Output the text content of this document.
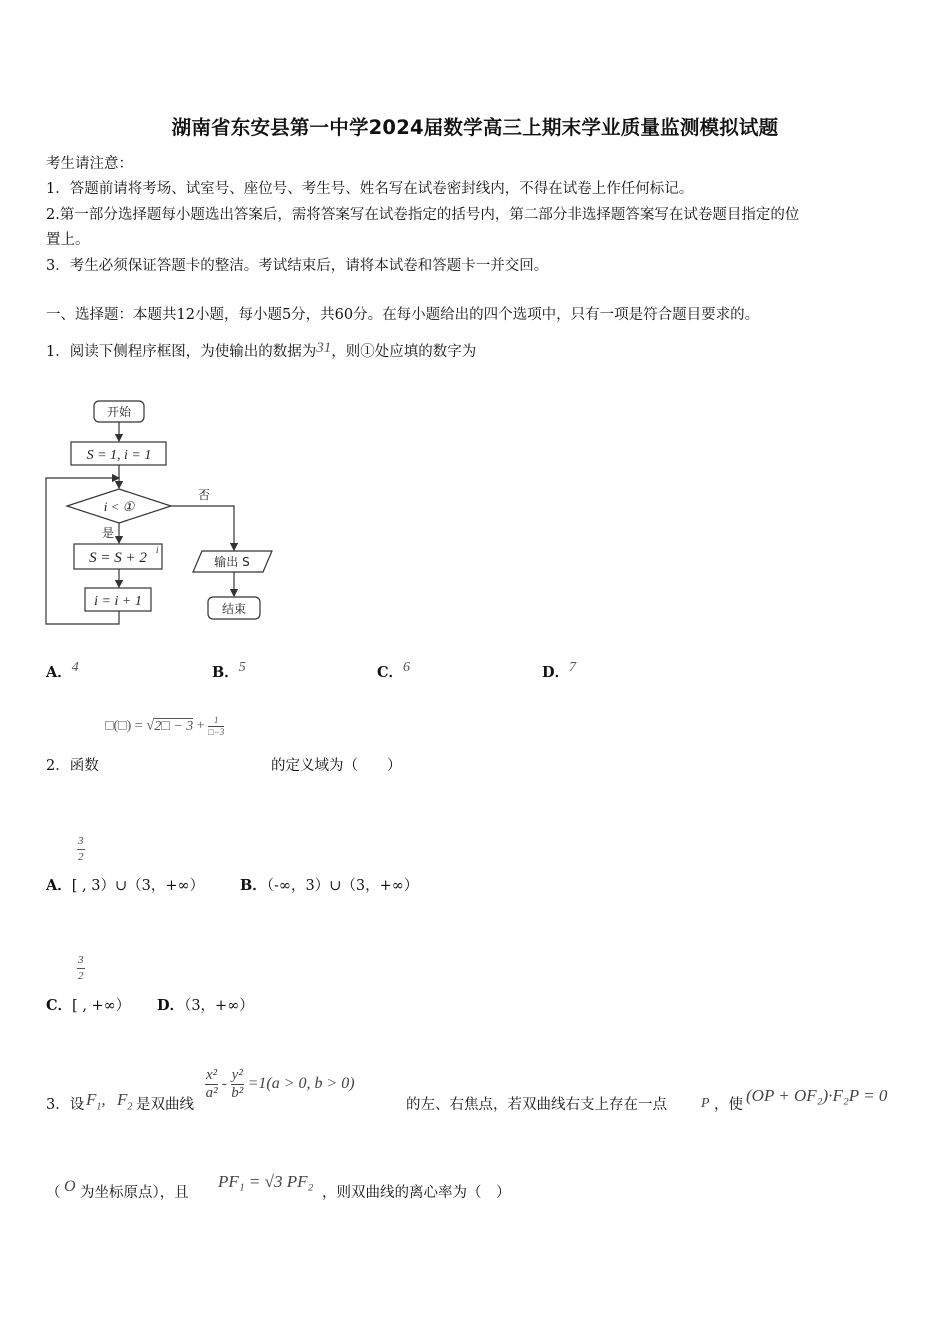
湖南省东安县第一中学2024届数学高三上期末学业质量监测模拟试题
考生请注意：
1．答题前请将考场、试室号、座位号、考生号、姓名写在试卷密封线内，不得在试卷上作任何标记。
2.第一部分选择题每小题选出答案后，需将答案写在试卷指定的括号内，第二部分非选择题答案写在试卷题目指定的位
置上。
3．考生必须保证答题卡的整洁。考试结束后，请将本试卷和答题卡一并交回。
一、选择题：本题共12小题，每小题5分，共60分。在每小题给出的四个选项中，只有一项是符合题目要求的。
1．阅读下侧程序框图，为使输出的数据为31，则①处应填的数字为
开始
S = 1, i = 1
i < ①
否
是
S = S + 2 i
i = i + 1
输出 S
结束
A．4	B．5	C．6	D．7
□(□) = √2□ − $3 + \frac{1}{□-3}$
2．函数	的定义域为（　　）
$\frac{3}{2}$
A．[ , 3）∪（3，+∞） B．（-∞，3）∪（3，+∞）
$\frac{3}{2}$
C．[ , +∞） D．（3，+∞）
3．设 $F_1$, $F_2$ 是双曲线
$\frac{\text{x²}}{\text{a²}} - \frac{\text{y²}}{\text{b²}} =1(a > 0$, b > 0)
的左、右焦点，若双曲线右支上存在一点 P ，使 (OP + OF₂)·F₂P = 0
（ O 为坐标原点），且
PF₁ = √3 PF₂
，则双曲线的离心率为（　）
